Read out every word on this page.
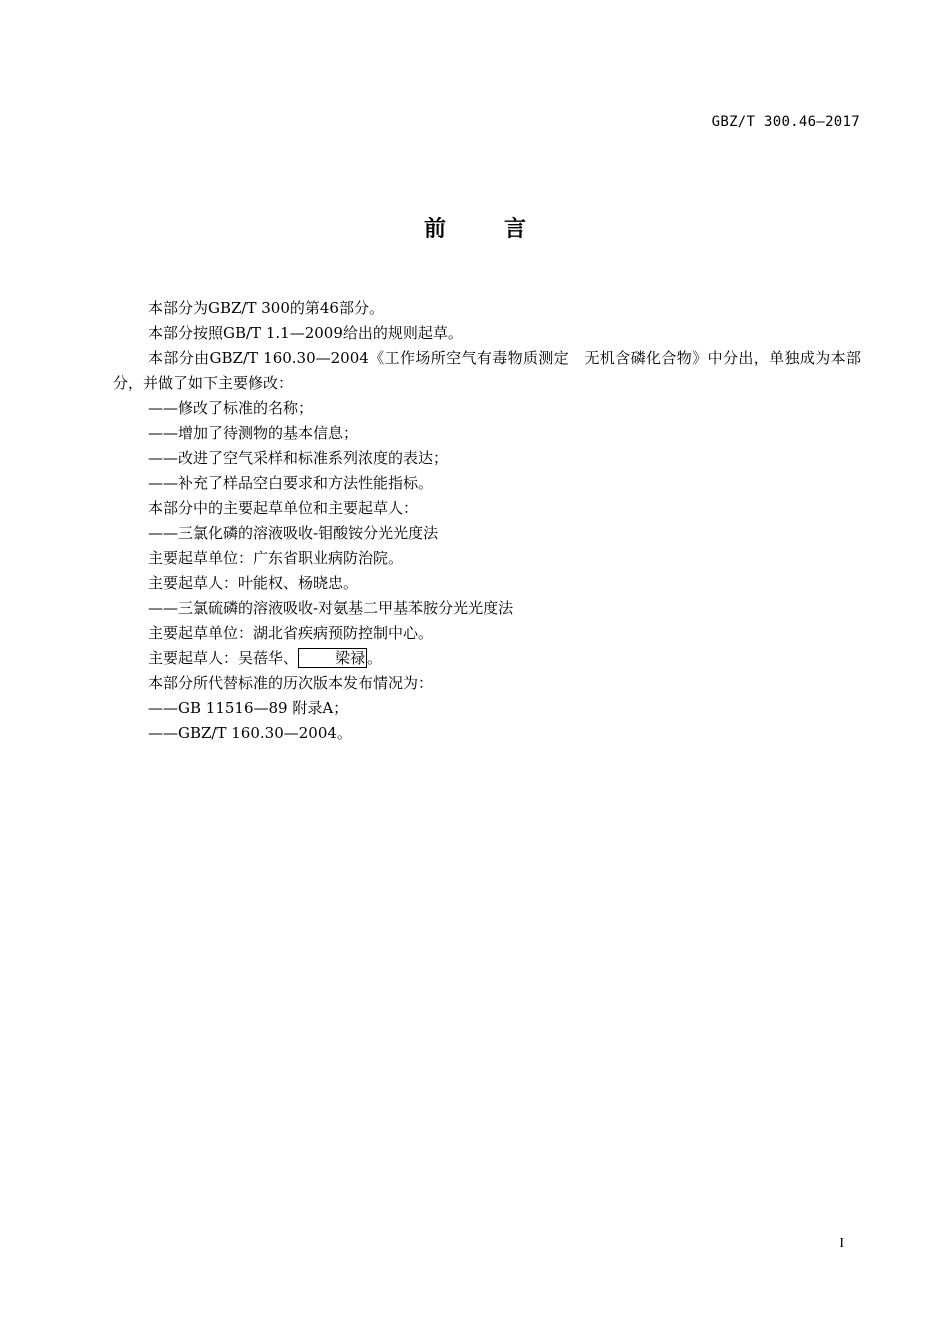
GBZ/T 300.46—2017
前	言

本部分为GBZ/T 300的第46部分。

本部分按照GB/T 1.1—2009给出的规则起草。

本部分由GBZ/T 160.30—2004《工作场所空气有毒物质测定　无机含磷化合物》中分出，单独成为本部分，并做了如下主要修改：

——修改了标准的名称；

——增加了待测物的基本信息；

——改进了空气采样和标准系列浓度的表达；

——补充了样品空白要求和方法性能指标。

本部分中的主要起草单位和主要起草人：

——三氯化磷的溶液吸收-钼酸铵分光光度法

主要起草单位：广东省职业病防治院。

主要起草人：叶能权、杨晓忠。

——三氯硫磷的溶液吸收-对氨基二甲基苯胺分光光度法

主要起草单位：湖北省疾病预防控制中心。

主要起草人：吴蓓华、 梁禄 。

本部分所代替标准的历次版本发布情况为：

——GB 11516—89 附录A；

——GBZ/T 160.30—2004。

I
